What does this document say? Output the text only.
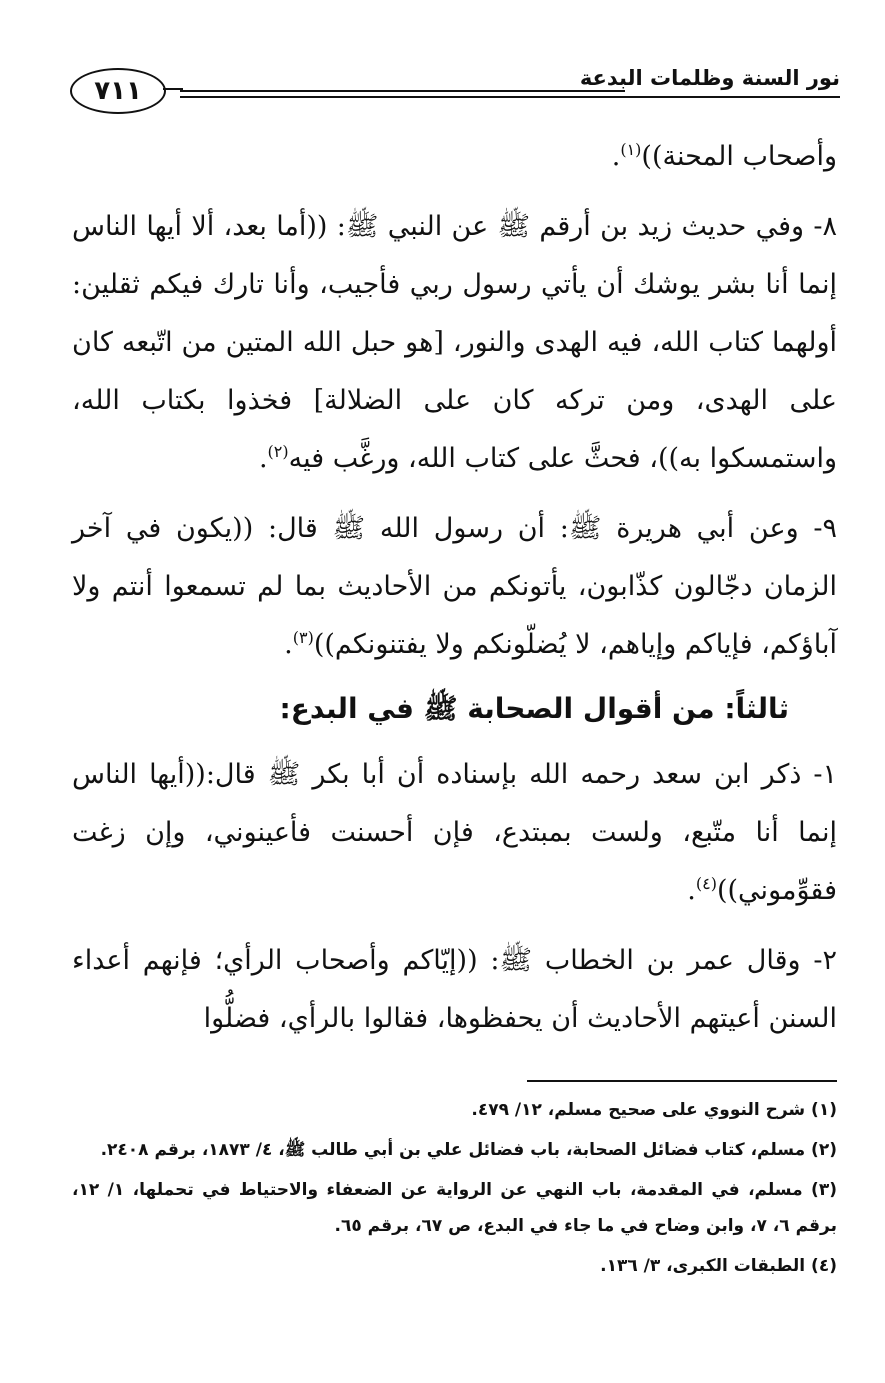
نور السنة وظلمات البدعة
٧١١

وأصحاب المحنة))$^{(١)}$.

٨- وفي حديث زيد بن أرقم ﷺ عن النبي ﷺ: ((أما بعد، ألا أيها الناس إنما أنا بشر يوشك أن يأتي رسول ربي فأجيب، وأنا تارك فيكم ثقلين: أولهما كتاب الله، فيه الهدى والنور، [هو حبل الله المتين من اتّبعه كان على الهدى، ومن تركه كان على الضلالة] فخذوا بكتاب الله، واستمسكوا به))، فحثَّ على كتاب الله، ورغَّب فيه$^{(٢)}$.

٩- وعن أبي هريرة ﷺ: أن رسول الله ﷺ قال: ((يكون في آخر الزمان دجّالون كذّابون، يأتونكم من الأحاديث بما لم تسمعوا أنتم ولا آباؤكم، فإياكم وإياهم، لا يُضلّونكم ولا يفتنونكم))$^{(٣)}$.

ثالثاً: من أقوال الصحابة ﷺ في البدع:

١- ذكر ابن سعد رحمه الله بإسناده أن أبا بكر ﷺ قال:((أيها الناس إنما أنا متّبع، ولست بمبتدع، فإن أحسنت فأعينوني، وإن زغت فقوِّموني))$^{(٤)}$.

٢- وقال عمر بن الخطاب ﷺ: ((إيّاكم وأصحاب الرأي؛ فإنهم أعداء السنن أعيتهم الأحاديث أن يحفظوها، فقالوا بالرأي، فضلُّوا

(١) شرح النووي على صحيح مسلم، ١٢/ ٤٧٩.

(٢) مسلم، كتاب فضائل الصحابة، باب فضائل علي بن أبي طالب ﷺ، ٤/ ١٨٧٣، برقم ٢٤٠٨.

(٣) مسلم، في المقدمة، باب النهي عن الرواية عن الضعفاء والاحتياط في تحملها، ١/ ١٢، برقم ٦، ٧، وابن وضاح في ما جاء في البدع، ص ٦٧، برقم ٦٥.

(٤) الطبقات الكبرى، ٣/ ١٣٦.
